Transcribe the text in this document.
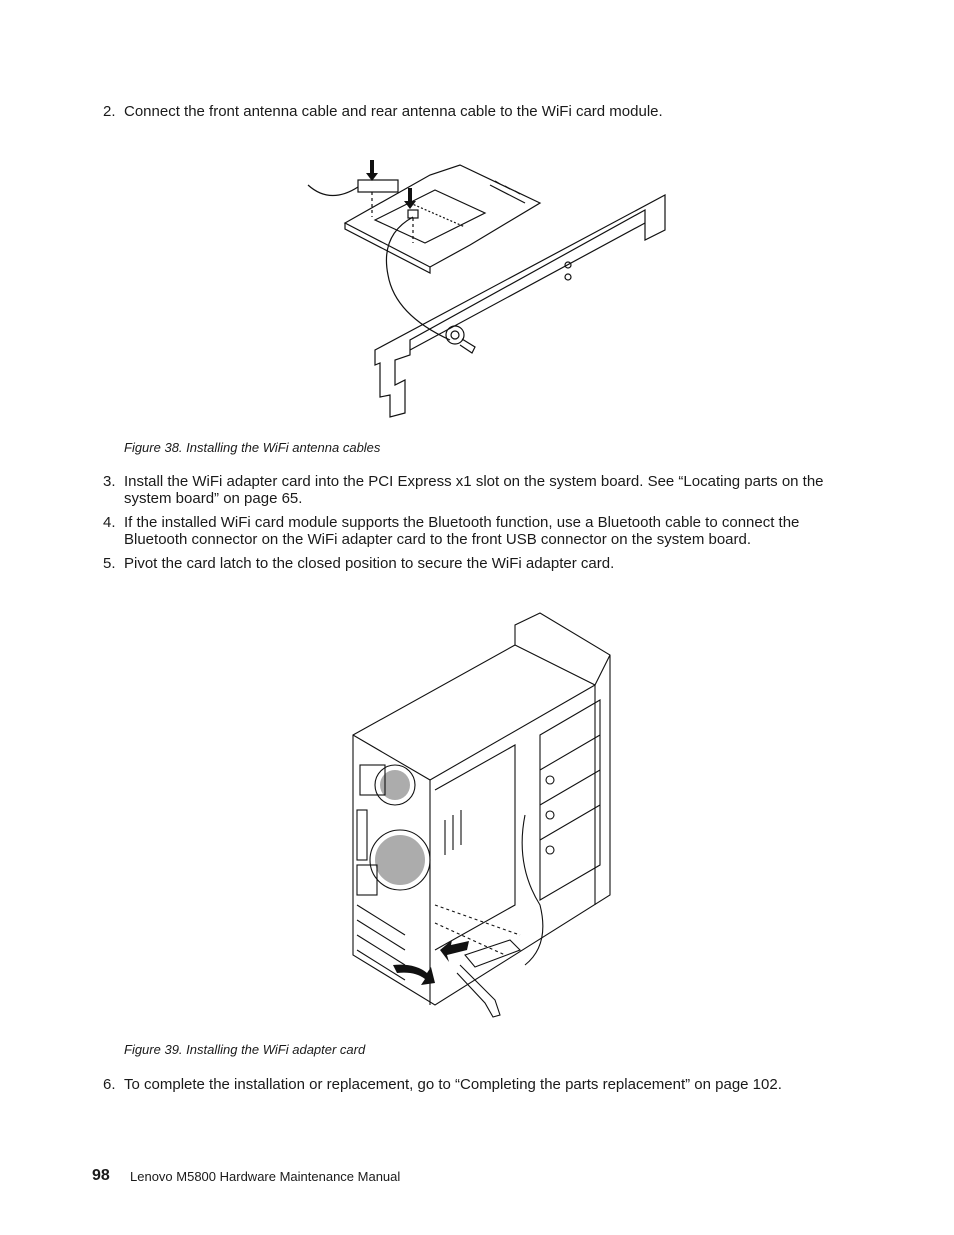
2. Connect the front antenna cable and rear antenna cable to the WiFi card module.
Figure 38. Installing the WiFi antenna cables
3. Install the WiFi adapter card into the PCI Express x1 slot on the system board. See “Locating parts on the system board” on page 65.
4. If the installed WiFi card module supports the Bluetooth function, use a Bluetooth cable to connect the Bluetooth connector on the WiFi adapter card to the front USB connector on the system board.
5. Pivot the card latch to the closed position to secure the WiFi adapter card.
Figure 39. Installing the WiFi adapter card
6. To complete the installation or replacement, go to “Completing the parts replacement” on page 102.
98 Lenovo M5800 Hardware Maintenance Manual
